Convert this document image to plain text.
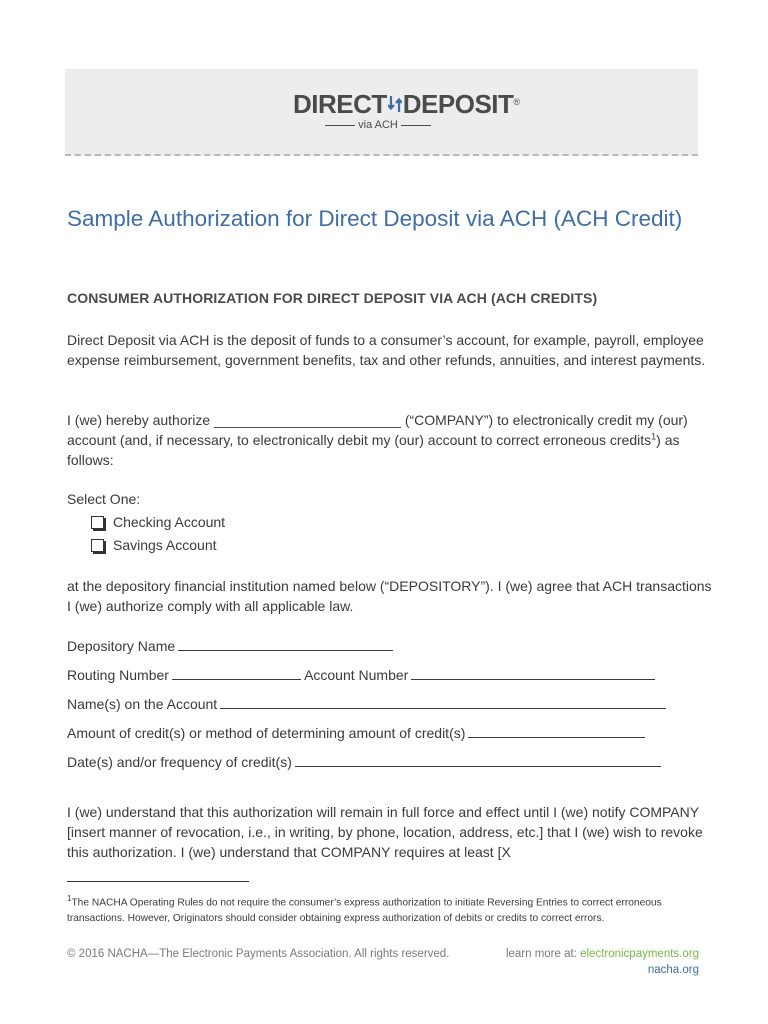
DIRECT DEPOSIT®
via ACH
Sample Authorization for Direct Deposit via ACH (ACH Credit)
CONSUMER AUTHORIZATION FOR DIRECT DEPOSIT VIA ACH (ACH CREDITS)

Direct Deposit via ACH is the deposit of funds to a consumer’s account, for example, payroll, employee expense reimbursement, government benefits, tax and other refunds, annuities, and interest payments.

I (we) hereby authorize ________________________ (“COMPANY”) to electronically credit my (our) account (and, if necessary, to electronically debit my (our) account to correct erroneous credits$^1$) as follows:

Select One:

Checking Account
Savings Account

at the depository financial institution named below (“DEPOSITORY”). I (we) agree that ACH transactions I (we) authorize comply with all applicable law.

Depository Name
Routing Number	Account Number
Name(s) on the Account
Amount of credit(s) or method of determining amount of credit(s)
Date(s) and/or frequency of credit(s)

I (we) understand that this authorization will remain in full force and effect until I (we) notify COMPANY [insert manner of revocation, i.e., in writing, by phone, location, address, etc.] that I (we) wish to revoke this authorization. I (we) understand that COMPANY requires at least [X

$^1$The NACHA Operating Rules do not require the consumer’s express authorization to initiate Reversing Entries to correct erroneous transactions. However, Originators should consider obtaining express authorization of debits or credits to correct errors.

© 2016 NACHA—The Electronic Payments Association. All rights reserved.	learn more at: electronicpayments.org
nacha.org
